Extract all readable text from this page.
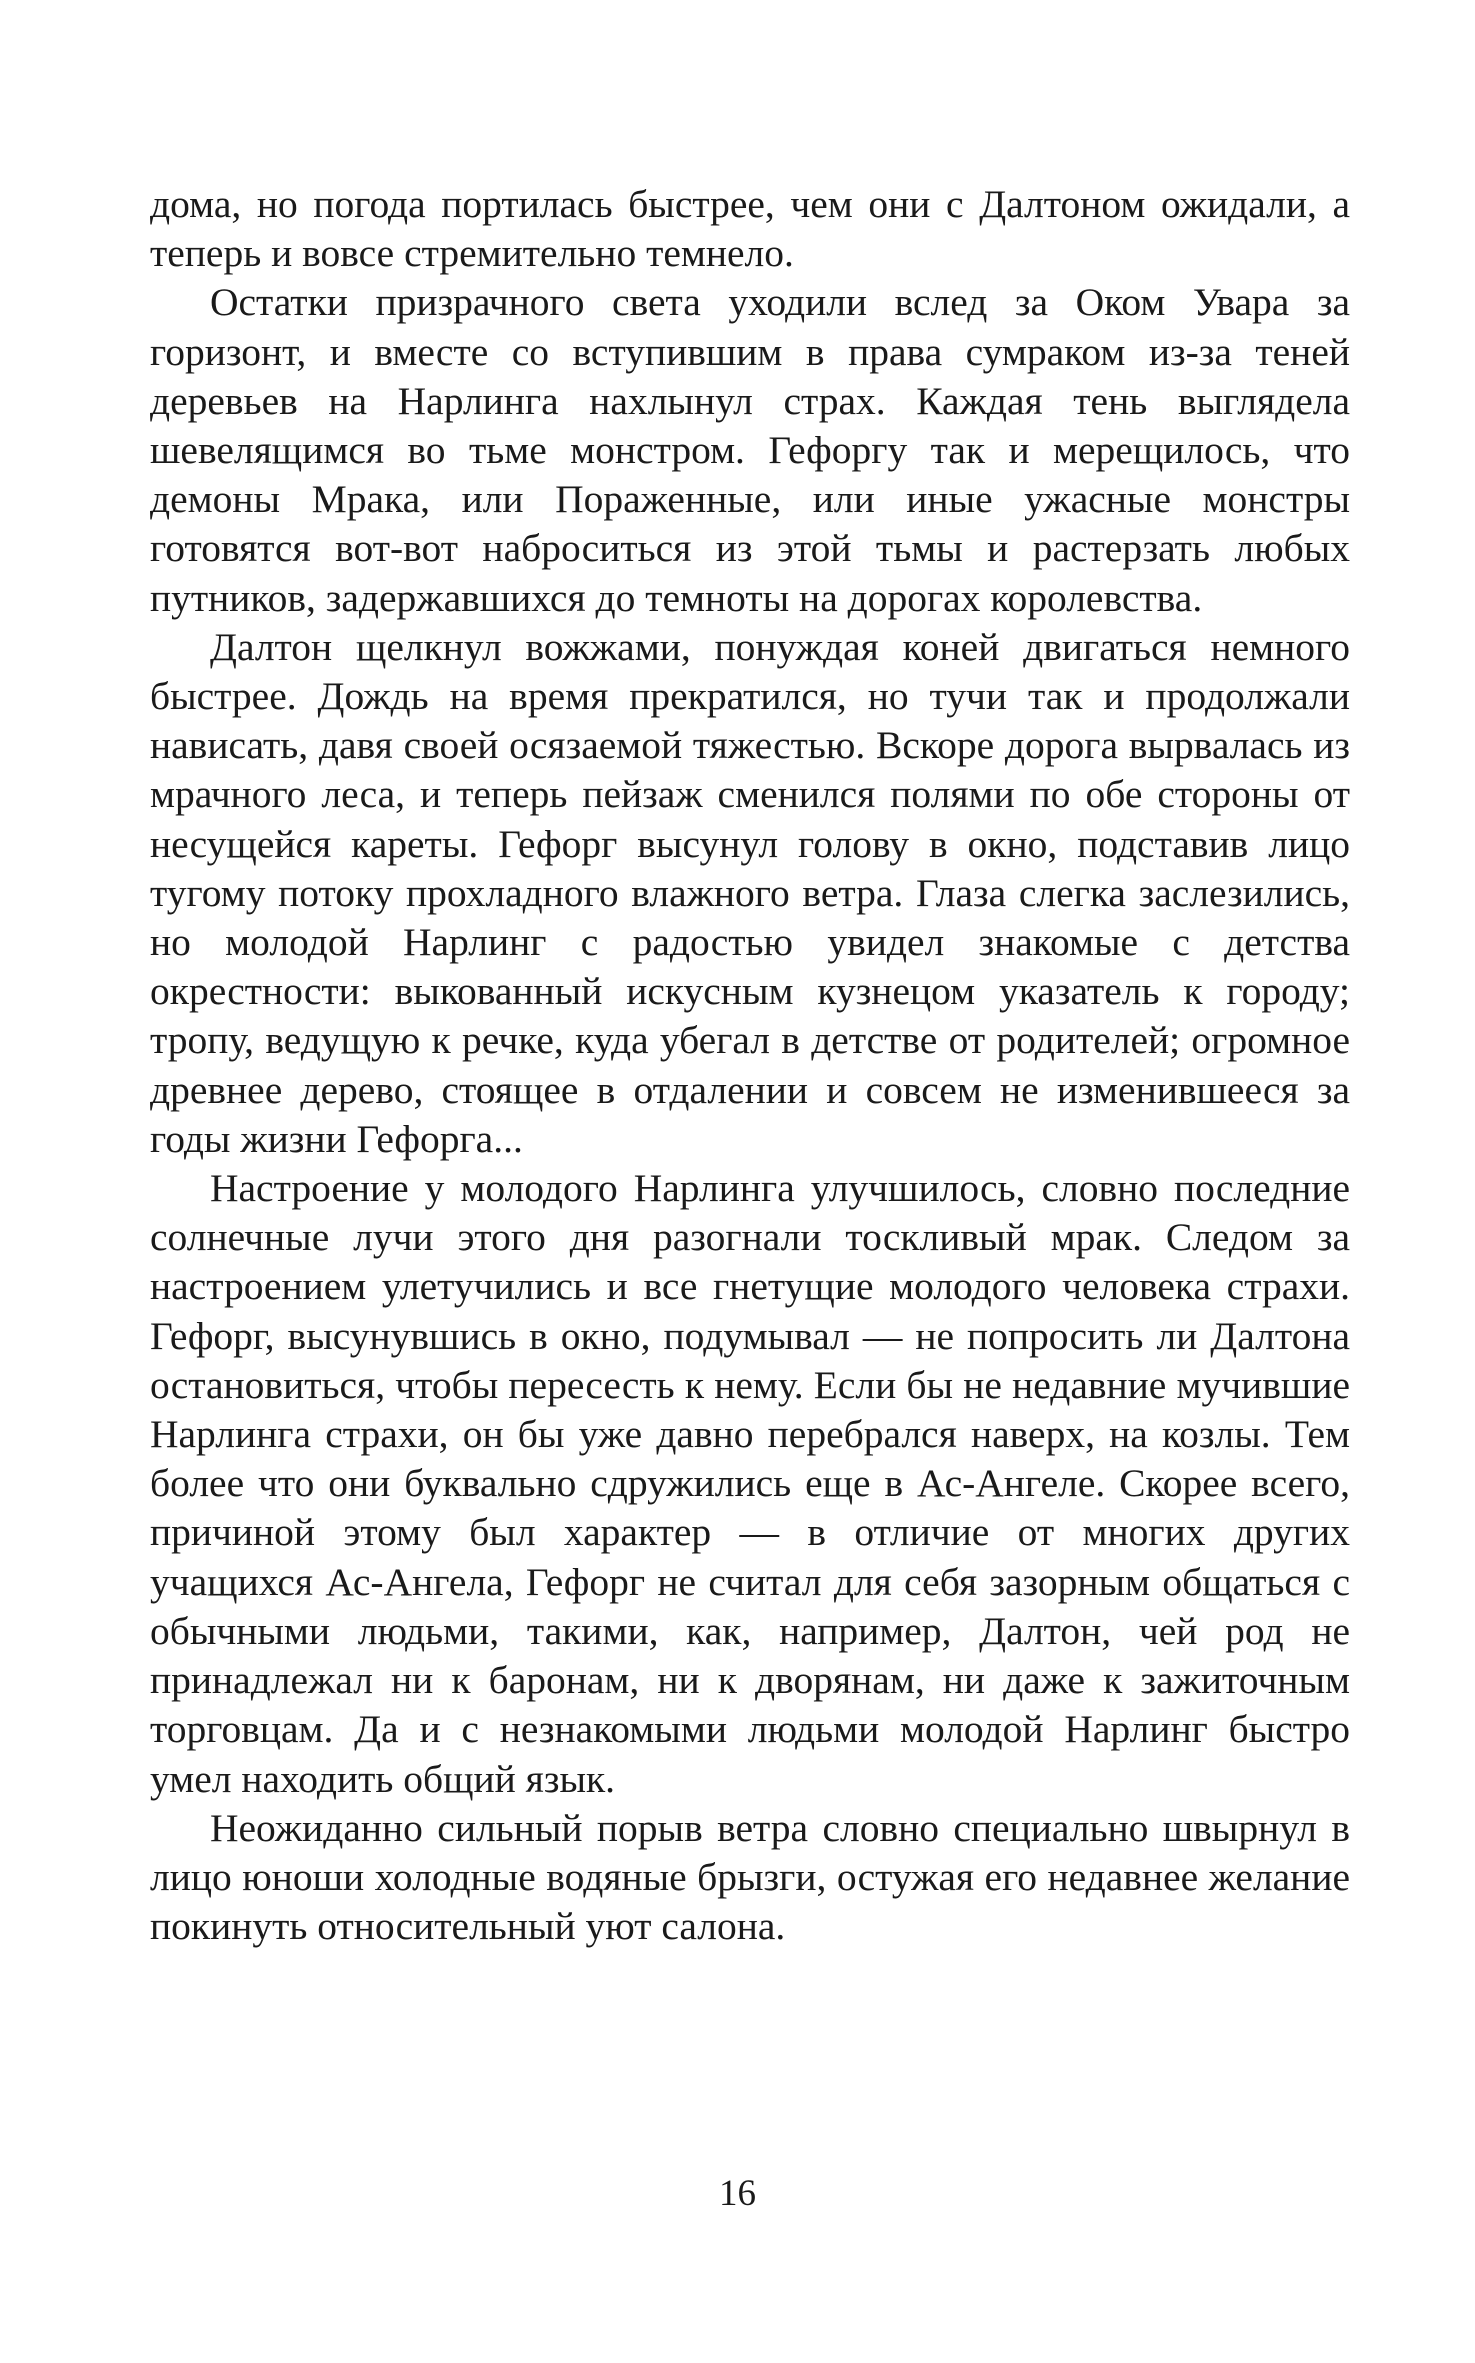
дома, но погода портилась быстрее, чем они с Далтоном ожидали, а теперь и вовсе стремительно темнело.

Остатки призрачного света уходили вслед за Оком Увара за горизонт, и вместе со вступившим в права сумраком из-за теней деревьев на Нарлинга нахлынул страх. Каждая тень выглядела шевелящимся во тьме монстром. Гефоргу так и мерещилось, что демоны Мрака, или Пораженные, или иные ужасные монстры готовятся вот-вот наброситься из этой тьмы и растерзать любых путников, задержавшихся до темноты на дорогах королевства.

Далтон щелкнул вожжами, понуждая коней двигаться немного быстрее. Дождь на время прекратился, но тучи так и продолжали нависать, давя своей осязаемой тяжестью. Вскоре дорога вырвалась из мрачного леса, и теперь пейзаж сменился полями по обе стороны от несущейся кареты. Гефорг высунул голову в окно, подставив лицо тугому потоку прохладного влажного ветра. Глаза слегка заслезились, но молодой Нарлинг с радостью увидел знакомые с детства окрестности: выкованный искусным кузнецом указатель к городу; тропу, ведущую к речке, куда убегал в детстве от родителей; огромное древнее дерево, стоящее в отдалении и совсем не изменившееся за годы жизни Гефорга...

Настроение у молодого Нарлинга улучшилось, словно последние солнечные лучи этого дня разогнали тоскливый мрак. Следом за настроением улетучились и все гнетущие молодого человека страхи. Гефорг, высунувшись в окно, подумывал — не попросить ли Далтона остановиться, чтобы пересесть к нему. Если бы не недавние мучившие Нарлинга страхи, он бы уже давно перебрался наверх, на козлы. Тем более что они буквально сдружились еще в Ас-Ангеле. Скорее всего, причиной этому был характер — в отличие от многих других учащихся Ас-Ангела, Гефорг не считал для себя зазорным общаться с обычными людьми, такими, как, например, Далтон, чей род не принадлежал ни к баронам, ни к дворянам, ни даже к зажиточным торговцам. Да и с незнакомыми людьми молодой Нарлинг быстро умел находить общий язык.

Неожиданно сильный порыв ветра словно специально швырнул в лицо юноши холодные водяные брызги, остужая его недавнее желание покинуть относительный уют салона.

16
